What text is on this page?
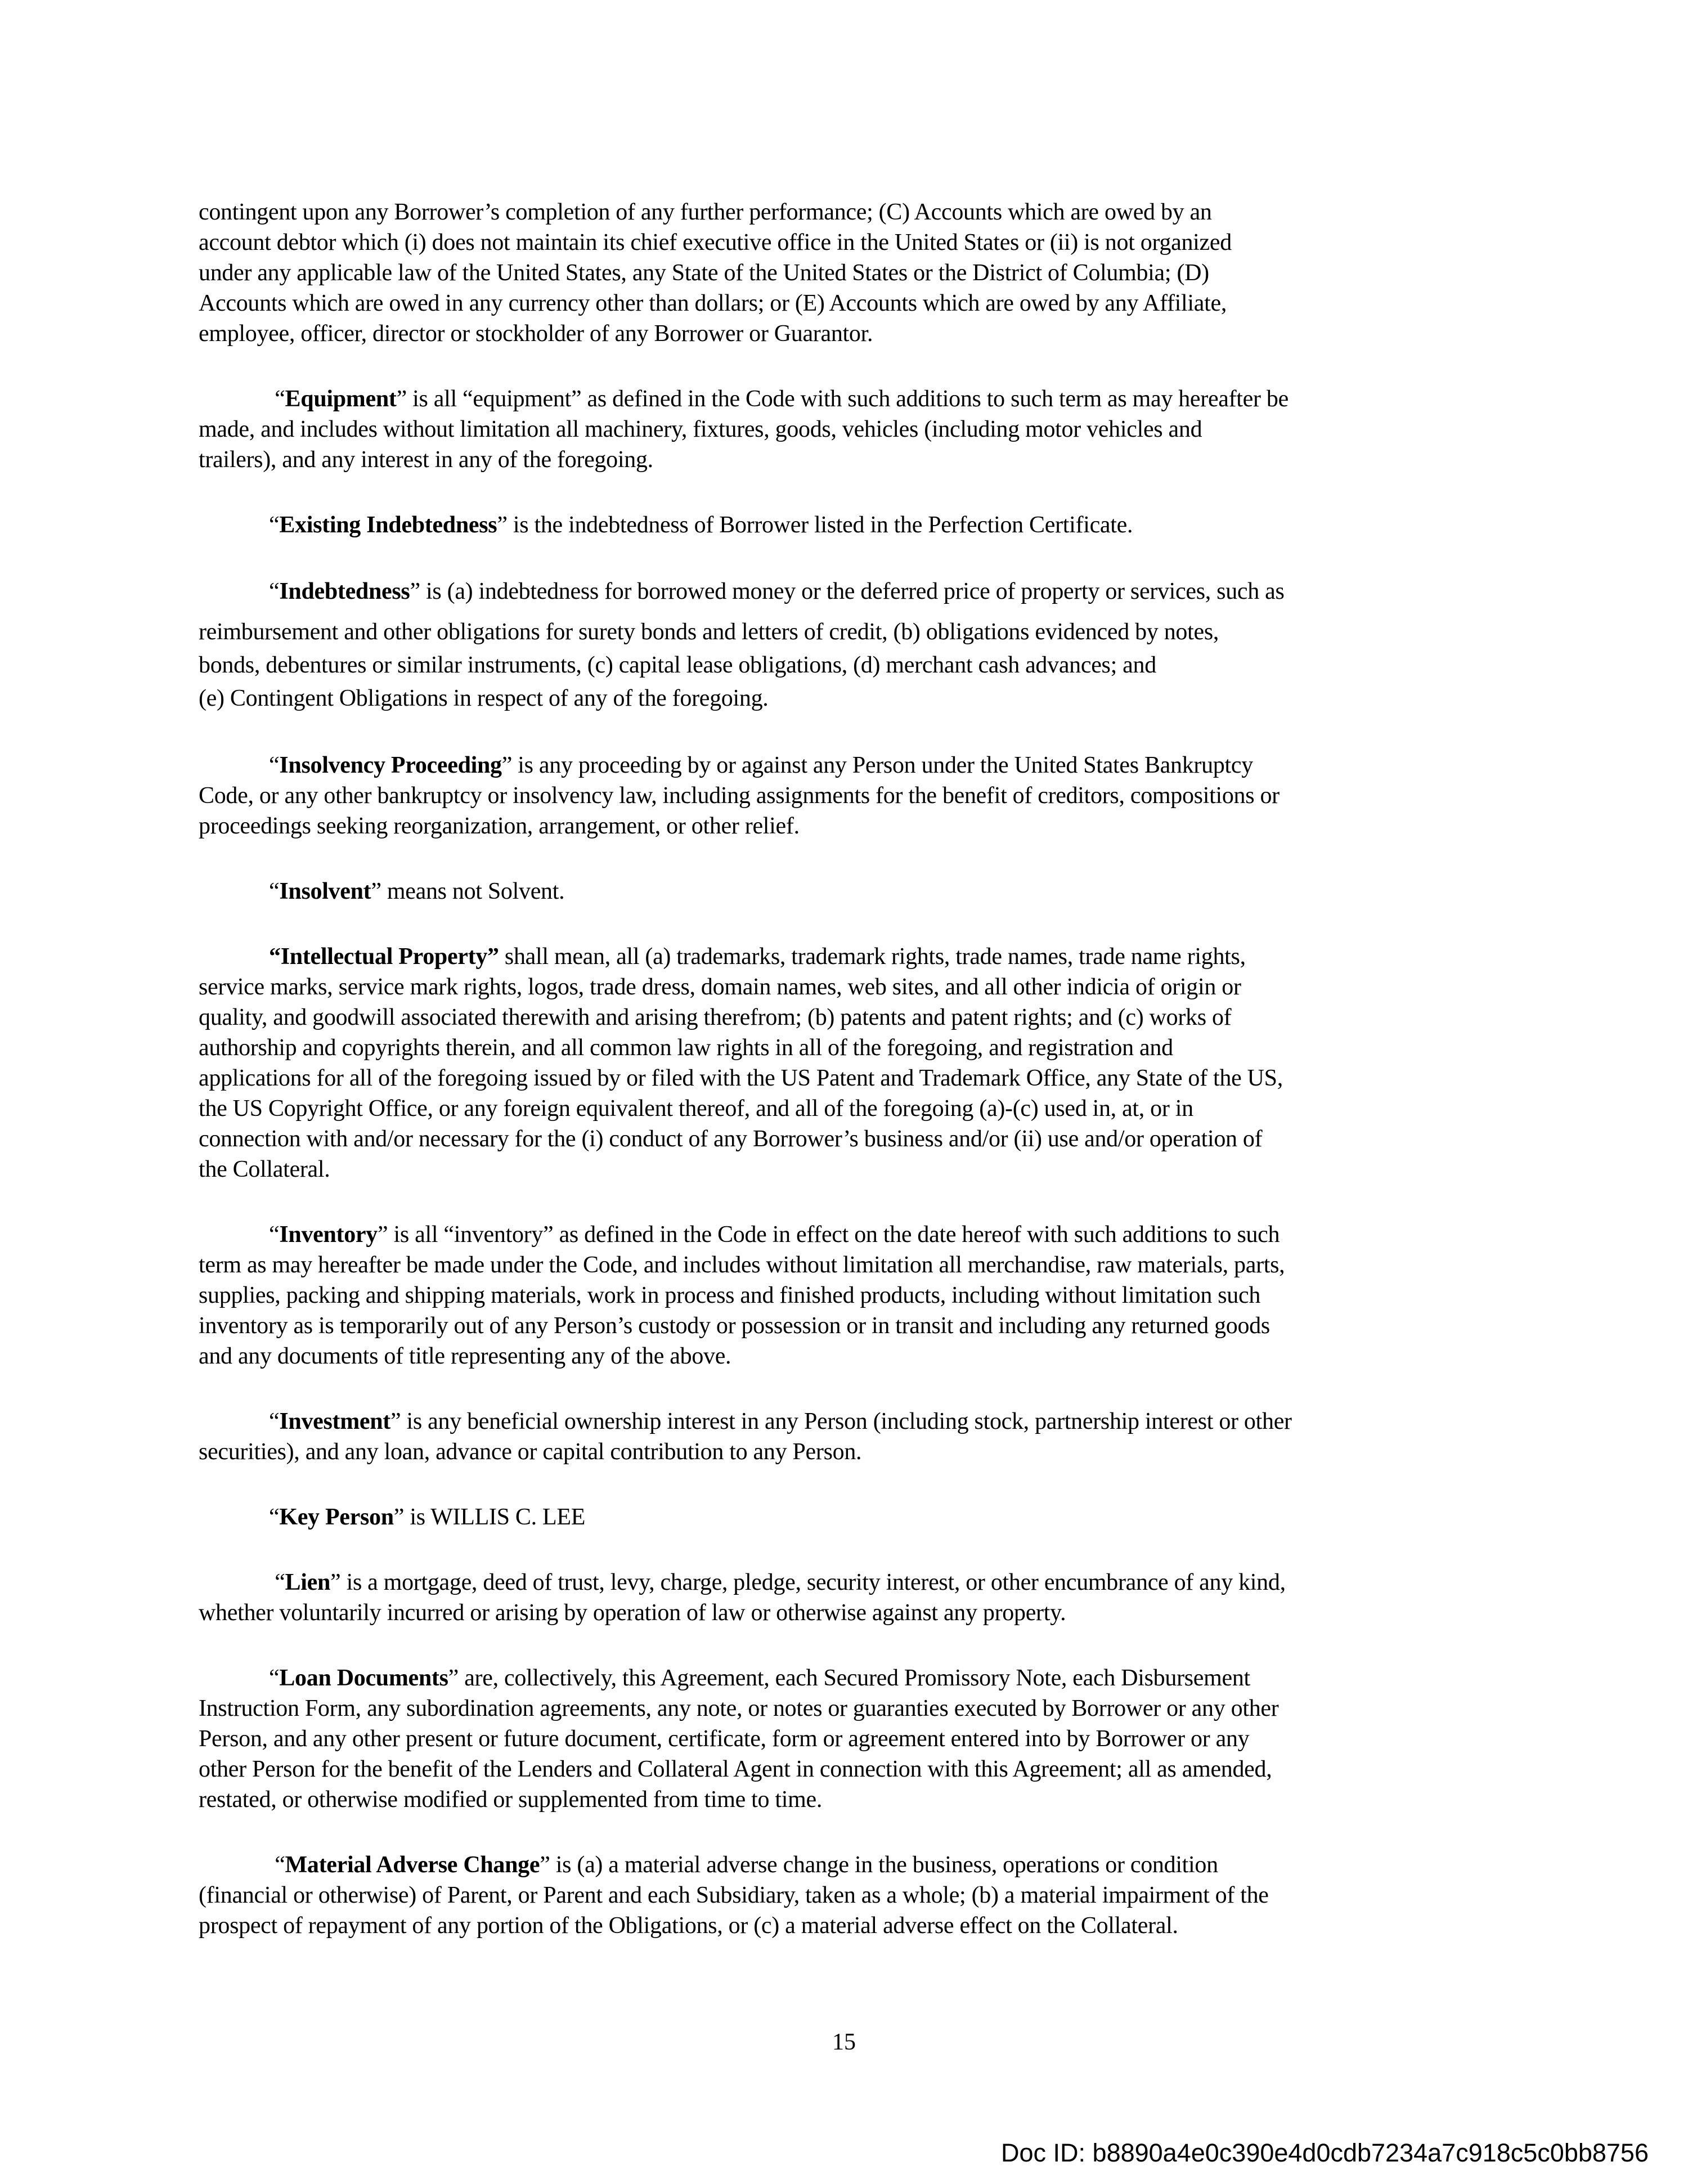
contingent upon any Borrower’s completion of any further performance; (C) Accounts which are owed by an
account debtor which (i) does not maintain its chief executive office in the United States or (ii) is not organized
under any applicable law of the United States, any State of the United States or the District of Columbia; (D)
Accounts which are owed in any currency other than dollars; or (E) Accounts which are owed by any Affiliate,
employee, officer, director or stockholder of any Borrower or Guarantor.

“Equipment” is all “equipment” as defined in the Code with such additions to such term as may hereafter be
made, and includes without limitation all machinery, fixtures, goods, vehicles (including motor vehicles and
trailers), and any interest in any of the foregoing.

“Existing Indebtedness” is the indebtedness of Borrower listed in the Perfection Certificate.

“Indebtedness” is (a) indebtedness for borrowed money or the deferred price of property or services, such as
reimbursement and other obligations for surety bonds and letters of credit, (b) obligations evidenced by notes,
bonds, debentures or similar instruments, (c) capital lease obligations, (d) merchant cash advances; and
(e) Contingent Obligations in respect of any of the foregoing.

“Insolvency Proceeding” is any proceeding by or against any Person under the United States Bankruptcy
Code, or any other bankruptcy or insolvency law, including assignments for the benefit of creditors, compositions or
proceedings seeking reorganization, arrangement, or other relief.

“Insolvent” means not Solvent.

“Intellectual Property” shall mean, all (a) trademarks, trademark rights, trade names, trade name rights,
service marks, service mark rights, logos, trade dress, domain names, web sites, and all other indicia of origin or
quality, and goodwill associated therewith and arising therefrom; (b) patents and patent rights; and (c) works of
authorship and copyrights therein, and all common law rights in all of the foregoing, and registration and
applications for all of the foregoing issued by or filed with the US Patent and Trademark Office, any State of the US,
the US Copyright Office, or any foreign equivalent thereof, and all of the foregoing (a)-(c) used in, at, or in
connection with and/or necessary for the (i) conduct of any Borrower’s business and/or (ii) use and/or operation of
the Collateral.

“Inventory” is all “inventory” as defined in the Code in effect on the date hereof with such additions to such
term as may hereafter be made under the Code, and includes without limitation all merchandise, raw materials, parts,
supplies, packing and shipping materials, work in process and finished products, including without limitation such
inventory as is temporarily out of any Person’s custody or possession or in transit and including any returned goods
and any documents of title representing any of the above.

“Investment” is any beneficial ownership interest in any Person (including stock, partnership interest or other
securities), and any loan, advance or capital contribution to any Person.

“Key Person” is WILLIS C. LEE

“Lien” is a mortgage, deed of trust, levy, charge, pledge, security interest, or other encumbrance of any kind,
whether voluntarily incurred or arising by operation of law or otherwise against any property.

“Loan Documents” are, collectively, this Agreement, each Secured Promissory Note, each Disbursement
Instruction Form, any subordination agreements, any note, or notes or guaranties executed by Borrower or any other
Person, and any other present or future document, certificate, form or agreement entered into by Borrower or any
other Person for the benefit of the Lenders and Collateral Agent in connection with this Agreement; all as amended,
restated, or otherwise modified or supplemented from time to time.

“Material Adverse Change” is (a) a material adverse change in the business, operations or condition
(financial or otherwise) of Parent, or Parent and each Subsidiary, taken as a whole; (b) a material impairment of the
prospect of repayment of any portion of the Obligations, or (c) a material adverse effect on the Collateral.

15
Doc ID: b8890a4e0c390e4d0cdb7234a7c918c5c0bb8756
